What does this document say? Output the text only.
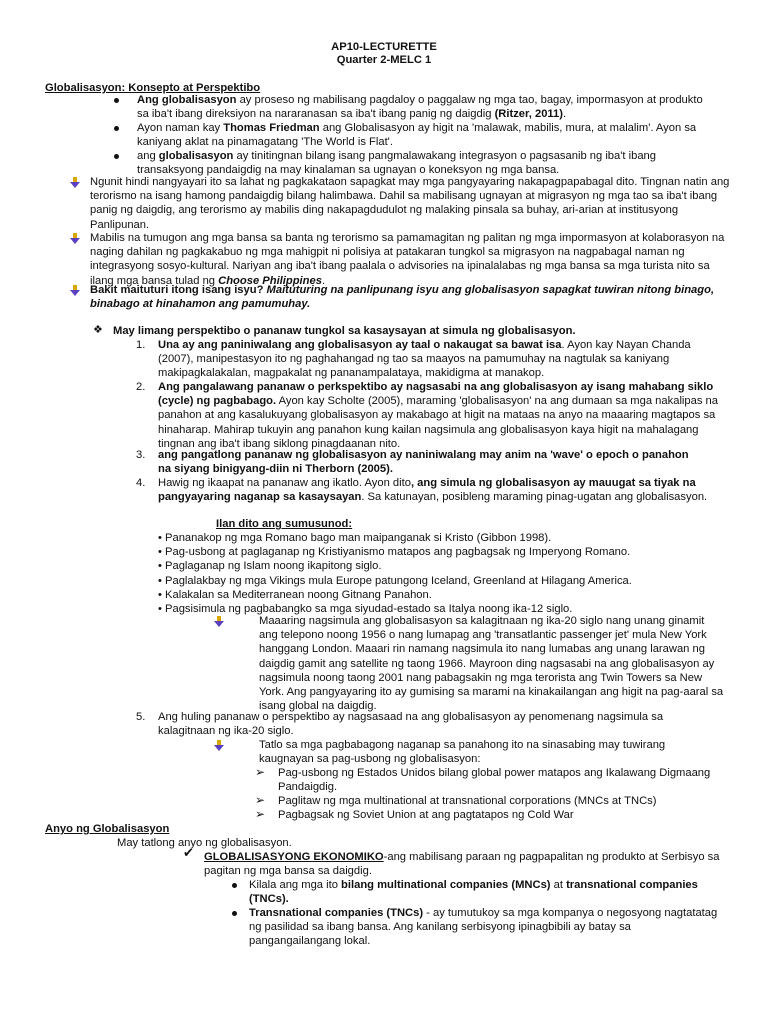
AP10-LECTURETTE
Quarter 2-MELC 1
Globalisasyon: Konsepto at Perspektibo

Ang globalisasyon ay proseso ng mabilisang pagdaloy o paggalaw ng mga tao, bagay, impormasyon at produkto sa iba't ibang direksiyon na nararanasan sa iba't ibang panig ng daigdig (Ritzer, 2011).

Ayon naman kay Thomas Friedman ang Globalisasyon ay higit na 'malawak, mabilis, mura, at malalim'. Ayon sa kaniyang aklat na pinamagatang 'The World is Flat'.

ang globalisasyon ay tinitingnan bilang isang pangmalawakang integrasyon o pagsasanib ng iba't ibang transaksyong pandaigdig na may kinalaman sa ugnayan o koneksyon ng mga bansa.

Ngunit hindi nangyayari ito sa lahat ng pagkakataon sapagkat may mga pangyayaring nakapagpapabagal dito. Tingnan natin ang terorismo na isang hamong pandaigdig bilang halimbawa. Dahil sa mabilisang ugnayan at migrasyon ng mga tao sa iba't ibang panig ng daigdig, ang terorismo ay mabilis ding nakapagdudulot ng malaking pinsala sa buhay, ari-arian at institusyong Panlipunan.

Mabilis na tumugon ang mga bansa sa banta ng terorismo sa pamamagitan ng palitan ng mga impormasyon at kolaborasyon na naging dahilan ng pagkakabuo ng mga mahigpit ni polisiya at patakaran tungkol sa migrasyon na nagpabagal naman ng integrasyong sosyo-kultural. Nariyan ang iba't ibang paalala o advisories na ipinalalabas ng mga bansa sa mga turista nito sa ilang mga bansa tulad ng Choose Philippines.

Bakit maituturi itong isang isyu? Maituturing na panlipunang isyu ang globalisasyon sapagkat tuwiran nitong binago, binabago at hinahamon ang pamumuhay.

❖ May limang perspektibo o pananaw tungkol sa kasaysayan at simula ng globalisasyon.

1. Una ay ang paniniwalang ang globalisasyon ay taal o nakaugat sa bawat isa. Ayon kay Nayan Chanda (2007), manipestasyon ito ng paghahangad ng tao sa maayos na pamumuhay na nagtulak sa kaniyang makipagkalakalan, magpakalat ng pananampalataya, makidigma at manakop.

2. Ang pangalawang pananaw o perkspektibo ay nagsasabi na ang globalisasyon ay isang mahabang siklo (cycle) ng pagbabago. Ayon kay Scholte (2005), maraming 'globalisasyon' na ang dumaan sa mga nakalipas na panahon at ang kasalukuyang globalisasyon ay makabago at higit na mataas na anyo na maaaring magtapos sa hinaharap. Mahirap tukuyin ang panahon kung kailan nagsimula ang globalisasyon kaya higit na mahalagang tingnan ang iba't ibang siklong pinagdaanan nito.

3. ang pangatlong pananaw ng globalisasyon ay naniniwalang may anim na 'wave' o epoch o panahon na siyang binigyang-diin ni Therborn (2005).

4. Hawig ng ikaapat na pananaw ang ikatlo. Ayon dito, ang simula ng globalisasyon ay mauugat sa tiyak na pangyayaring naganap sa kasaysayan. Sa katunayan, posibleng maraming pinag-ugatan ang globalisasyon.

Ilan dito ang sumusunod:
• Pananakop ng mga Romano bago man maipanganak si Kristo (Gibbon 1998).
• Pag-usbong at paglaganap ng Kristiyanismo matapos ang pagbagsak ng Imperyong Romano.
• Paglaganap ng Islam noong ikapitong siglo.
• Paglalakbay ng mga Vikings mula Europe patungong Iceland, Greenland at Hilagang America.
• Kalakalan sa Mediterranean noong Gitnang Panahon.
• Pagsisimula ng pagbabangko sa mga siyudad-estado sa Italya noong ika-12 siglo.

Maaaring nagsimula ang globalisasyon sa kalagitnaan ng ika-20 siglo nang unang ginamit ang telepono noong 1956 o nang lumapag ang 'transatlantic passenger jet' mula New York hanggang London. Maaari rin namang nagsimula ito nang lumabas ang unang larawan ng daigdig gamit ang satellite ng taong 1966. Mayroon ding nagsasabi na ang globalisasyon ay nagsimula noong taong 2001 nang pabagsakin ng mga terorista ang Twin Towers sa New York. Ang pangyayaring ito ay gumising sa marami na kinakailangan ang higit na pag-aaral sa isang global na daigdig.

5. Ang huling pananaw o perspektibo ay nagsasaad na ang globalisasyon ay penomenang nagsimula sa kalagitnaan ng ika-20 siglo.

Tatlo sa mga pagbabagong naganap sa panahong ito na sinasabing may tuwirang kaugnayan sa pag-usbong ng globalisasyon:

➢ Pag-usbong ng Estados Unidos bilang global power matapos ang Ikalawang Digmaang Pandaigdig.

➢ Paglitaw ng mga multinational at transnational corporations (MNCs at TNCs)

➢ Pagbagsak ng Soviet Union at ang pagtatapos ng Cold War

Anyo ng Globalisasyon
May tatlong anyo ng globalisasyon.
✔ GLOBALISASYONG EKONOMIKO-ang mabilisang paraan ng pagpapalitan ng produkto at Serbisyo sa pagitan ng mga bansa sa daigdig.

Kilala ang mga ito bilang multinational companies (MNCs) at transnational companies (TNCs).

Transnational companies (TNCs) - ay tumutukoy sa mga kompanya o negosyong nagtatatag ng pasilidad sa ibang bansa. Ang kanilang serbisyong ipinagbibili ay batay sa pangangailangang lokal.
